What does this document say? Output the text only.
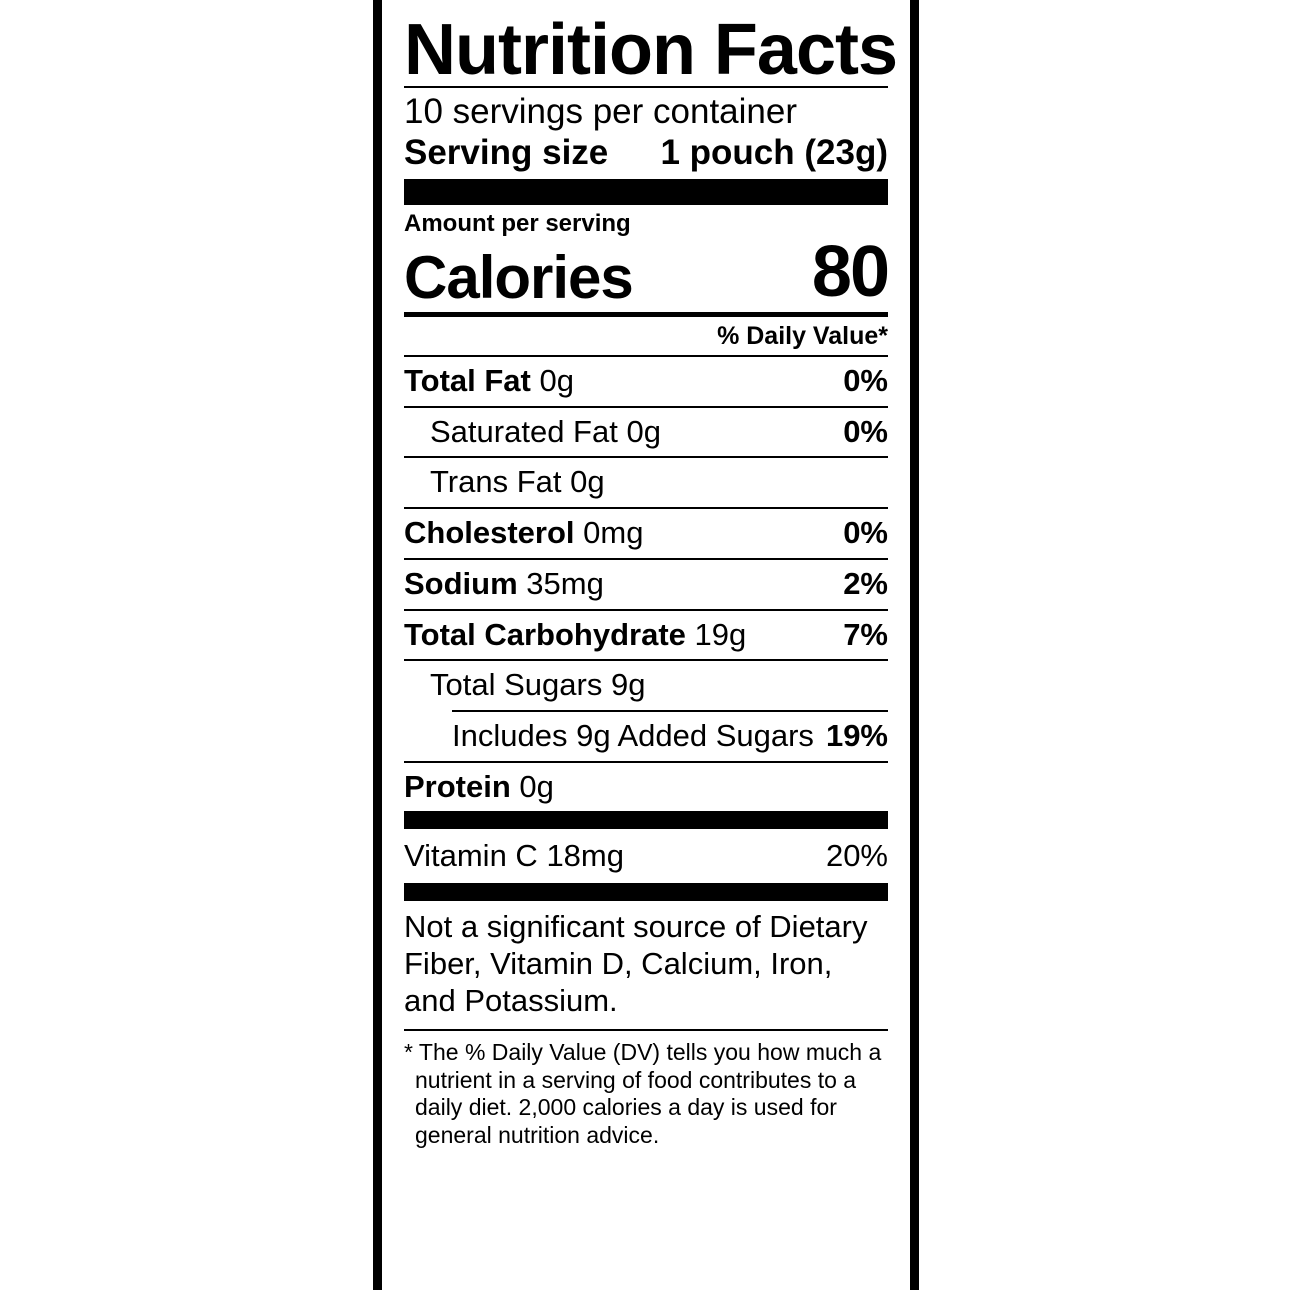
Nutrition Facts
10 servings per container
Serving size 1 pouch (23g)
Amount per serving
Calories 80
% Daily Value*
Total Fat 0g	0%
Saturated Fat 0g	0%
Trans Fat 0g
Cholesterol 0mg	0%
Sodium 35mg	2%
Total Carbohydrate 19g	7%
Total Sugars 9g
Includes 9g Added Sugars 19%
Protein 0g
Vitamin C 18mg	20%
Not a significant source of Dietary Fiber, Vitamin D, Calcium, Iron, and Potassium.
* The % Daily Value (DV) tells you how much a nutrient in a serving of food contributes to a daily diet. 2,000 calories a day is used for general nutrition advice.
